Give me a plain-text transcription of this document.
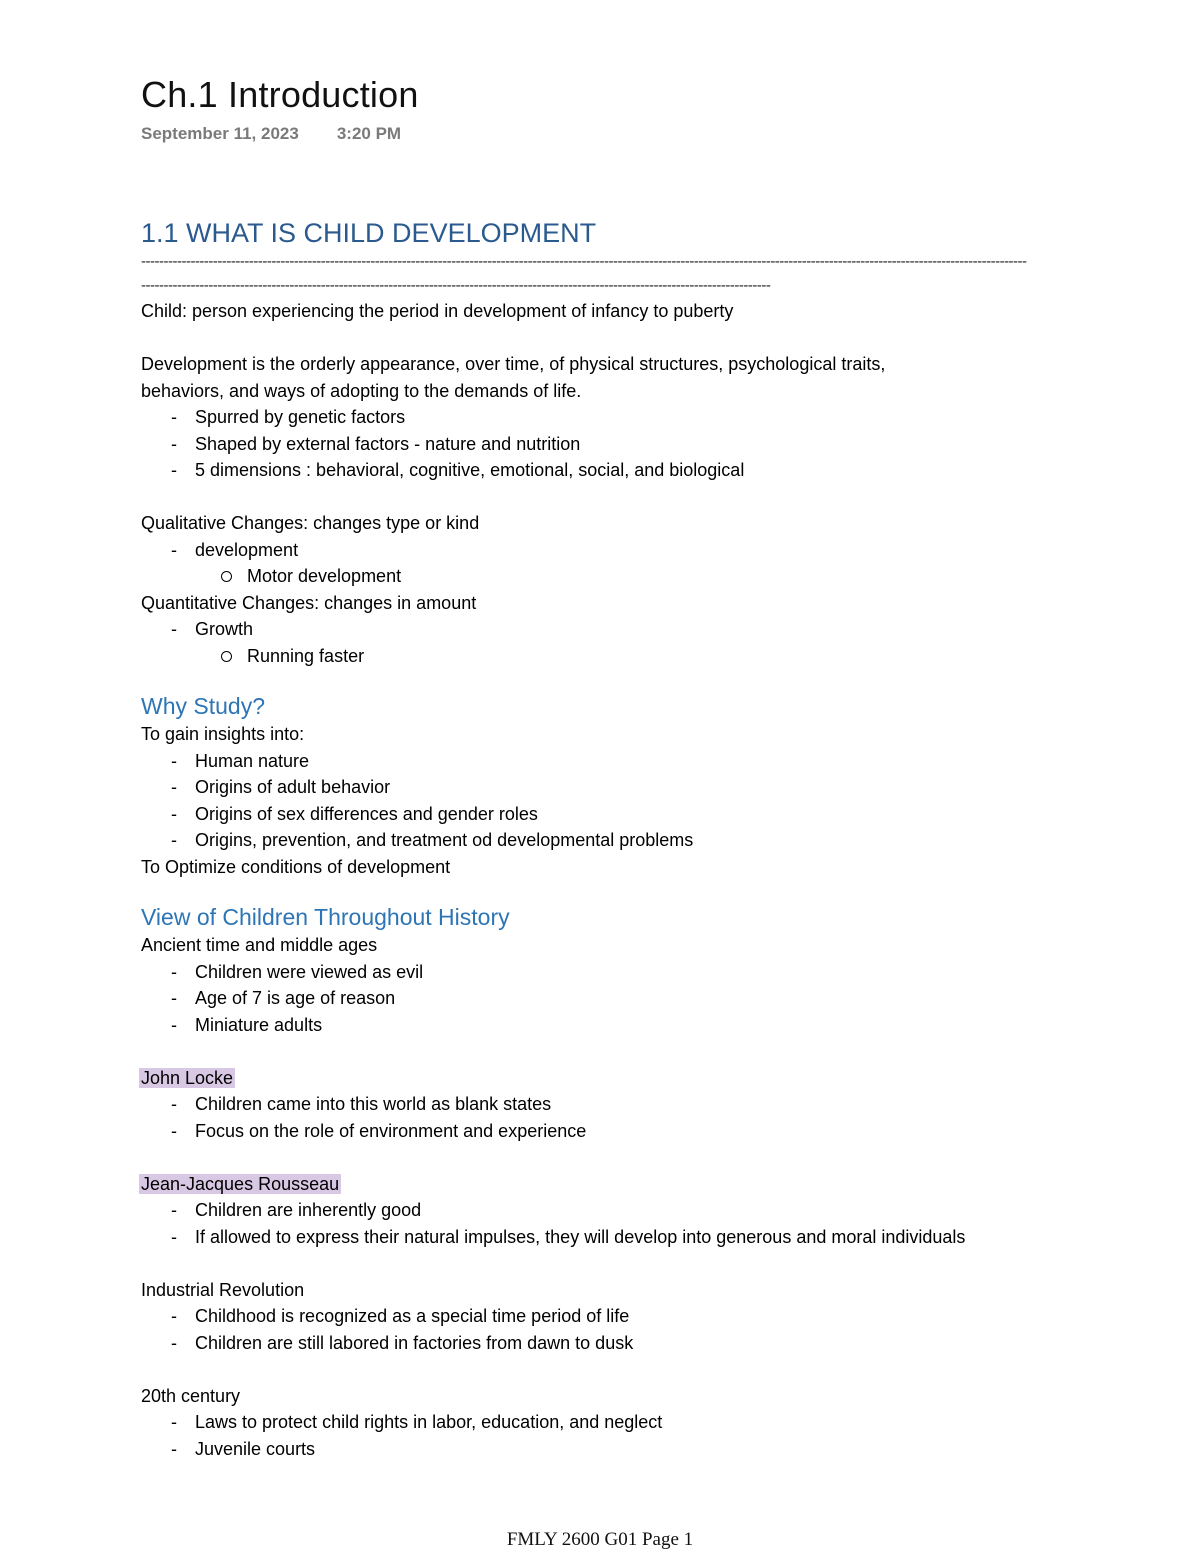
Ch.1 Introduction
September 11, 2023 3:20 PM
1.1 WHAT IS CHILD DEVELOPMENT
-----------------------------------------------------------------------------------------------------------------------------------------------------------------------------------------------------
--------------------------------------------------------------------------------------------------------------------------------------------

Child: person experiencing the period in development of infancy to puberty

Development is the orderly appearance, over time, of physical structures, psychological traits,

behaviors, and ways of adopting to the demands of life.

- Spurred by genetic factors
- Shaped by external factors - nature and nutrition
- 5 dimensions : behavioral, cognitive, emotional, social, and biological

Qualitative Changes: changes type or kind

- development
Motor development

Quantitative Changes: changes in amount

- Growth
Running faster
Why Study?

To gain insights into:

- Human nature
- Origins of adult behavior
- Origins of sex differences and gender roles
- Origins, prevention, and treatment od developmental problems

To Optimize conditions of development

View of Children Throughout History

Ancient time and middle ages

- Children were viewed as evil
- Age of 7 is age of reason
- Miniature adults

John Locke

- Children came into this world as blank states
- Focus on the role of environment and experience

Jean-Jacques Rousseau

- Children are inherently good
- If allowed to express their natural impulses, they will develop into generous and moral individuals

Industrial Revolution

- Childhood is recognized as a special time period of life
- Children are still labored in factories from dawn to dusk

20th century

- Laws to protect child rights in labor, education, and neglect
- Juvenile courts
FMLY 2600 G01 Page 1
